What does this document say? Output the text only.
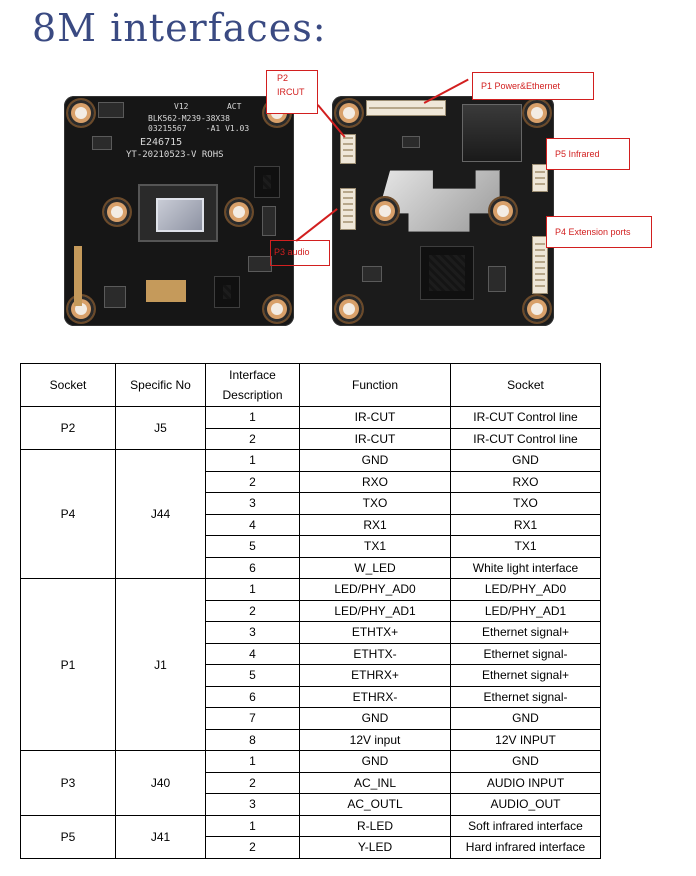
8M interfaces:
V12        ACT
BLK562-M239-38X38
03215567    -A1 V1.03
E246715
YT-20210523-V ROHS
P2
IRCUT
P3 audio
P1 Power&Ethernet
P5 Infrared
P4 Extension ports
Socket	Specific No	Interface Description	Function	Socket
P2	J5	1	IR-CUT	IR-CUT Control line
		2	IR-CUT	IR-CUT Control line
P4	J44	1	GND	GND
		2	RXO	RXO
		3	TXO	TXO
		4	RX1	RX1
		5	TX1	TX1
		6	W_LED	White light interface
P1	J1	1	LED/PHY_AD0	LED/PHY_AD0
		2	LED/PHY_AD1	LED/PHY_AD1
		3	ETHTX+	Ethernet signal+
		4	ETHTX-	Ethernet signal-
		5	ETHRX+	Ethernet signal+
		6	ETHRX-	Ethernet signal-
		7	GND	GND
		8	12V input	12V INPUT
P3	J40	1	GND	GND
		2	AC_INL	AUDIO INPUT
		3	AC_OUTL	AUDIO_OUT
P5	J41	1	R-LED	Soft infrared interface
		2	Y-LED	Hard infrared interface
